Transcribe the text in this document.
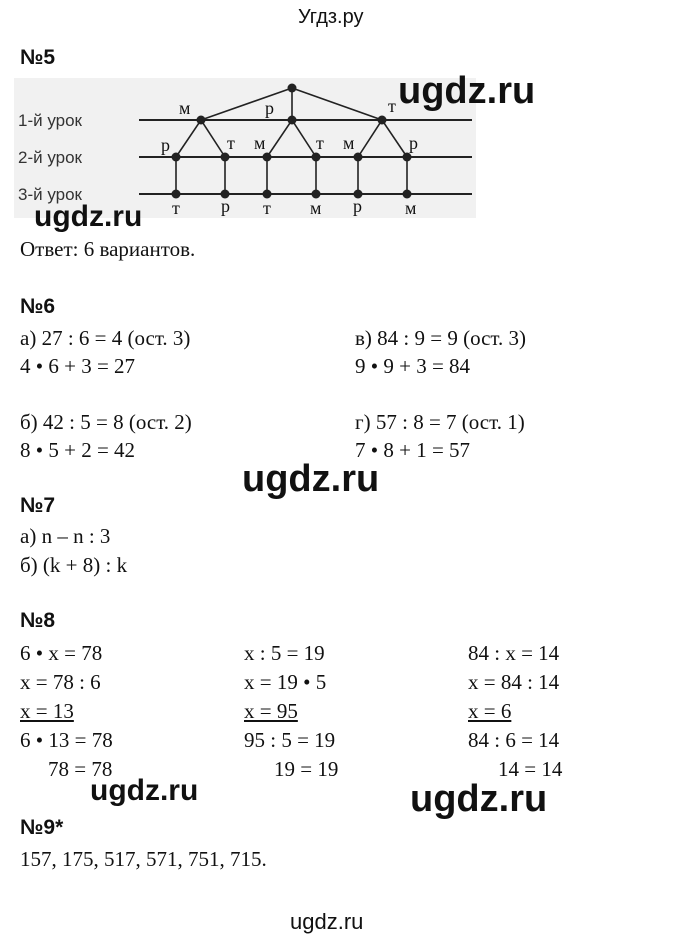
Угдз.ру
№5
1-й урок
2-й урок
3-й урок
м	р	т
р	т м	т м	р
т р т м р м
Ответ: 6 вариантов.
№6
а) 27 : 6 = 4 (ост. 3)
4 • 6 + 3 = 27
в) 84 : 9 = 9 (ост. 3)
9 • 9 + 3 = 84
б) 42 : 5 = 8 (ост. 2)
8 • 5 + 2 = 42
г) 57 : 8 = 7 (ост. 1)
7 • 8 + 1 = 57
№7
а) n – n : 3
б) (k + 8) : k
№8
6 • x = 78
x = 78 : 6
x = 13
6 • 13 = 78
78 = 78
x : 5 = 19
x = 19 • 5
x = 95
95 : 5 = 19
19 = 19
84 : x = 14
x = 84 : 14
x = 6
84 : 6 = 14
14 = 14
№9*
157, 175, 517, 571, 751, 715.
ugdz.ru
ugdz.ru
ugdz.ru
ugdz.ru	ugdz.ru
ugdz.ru
